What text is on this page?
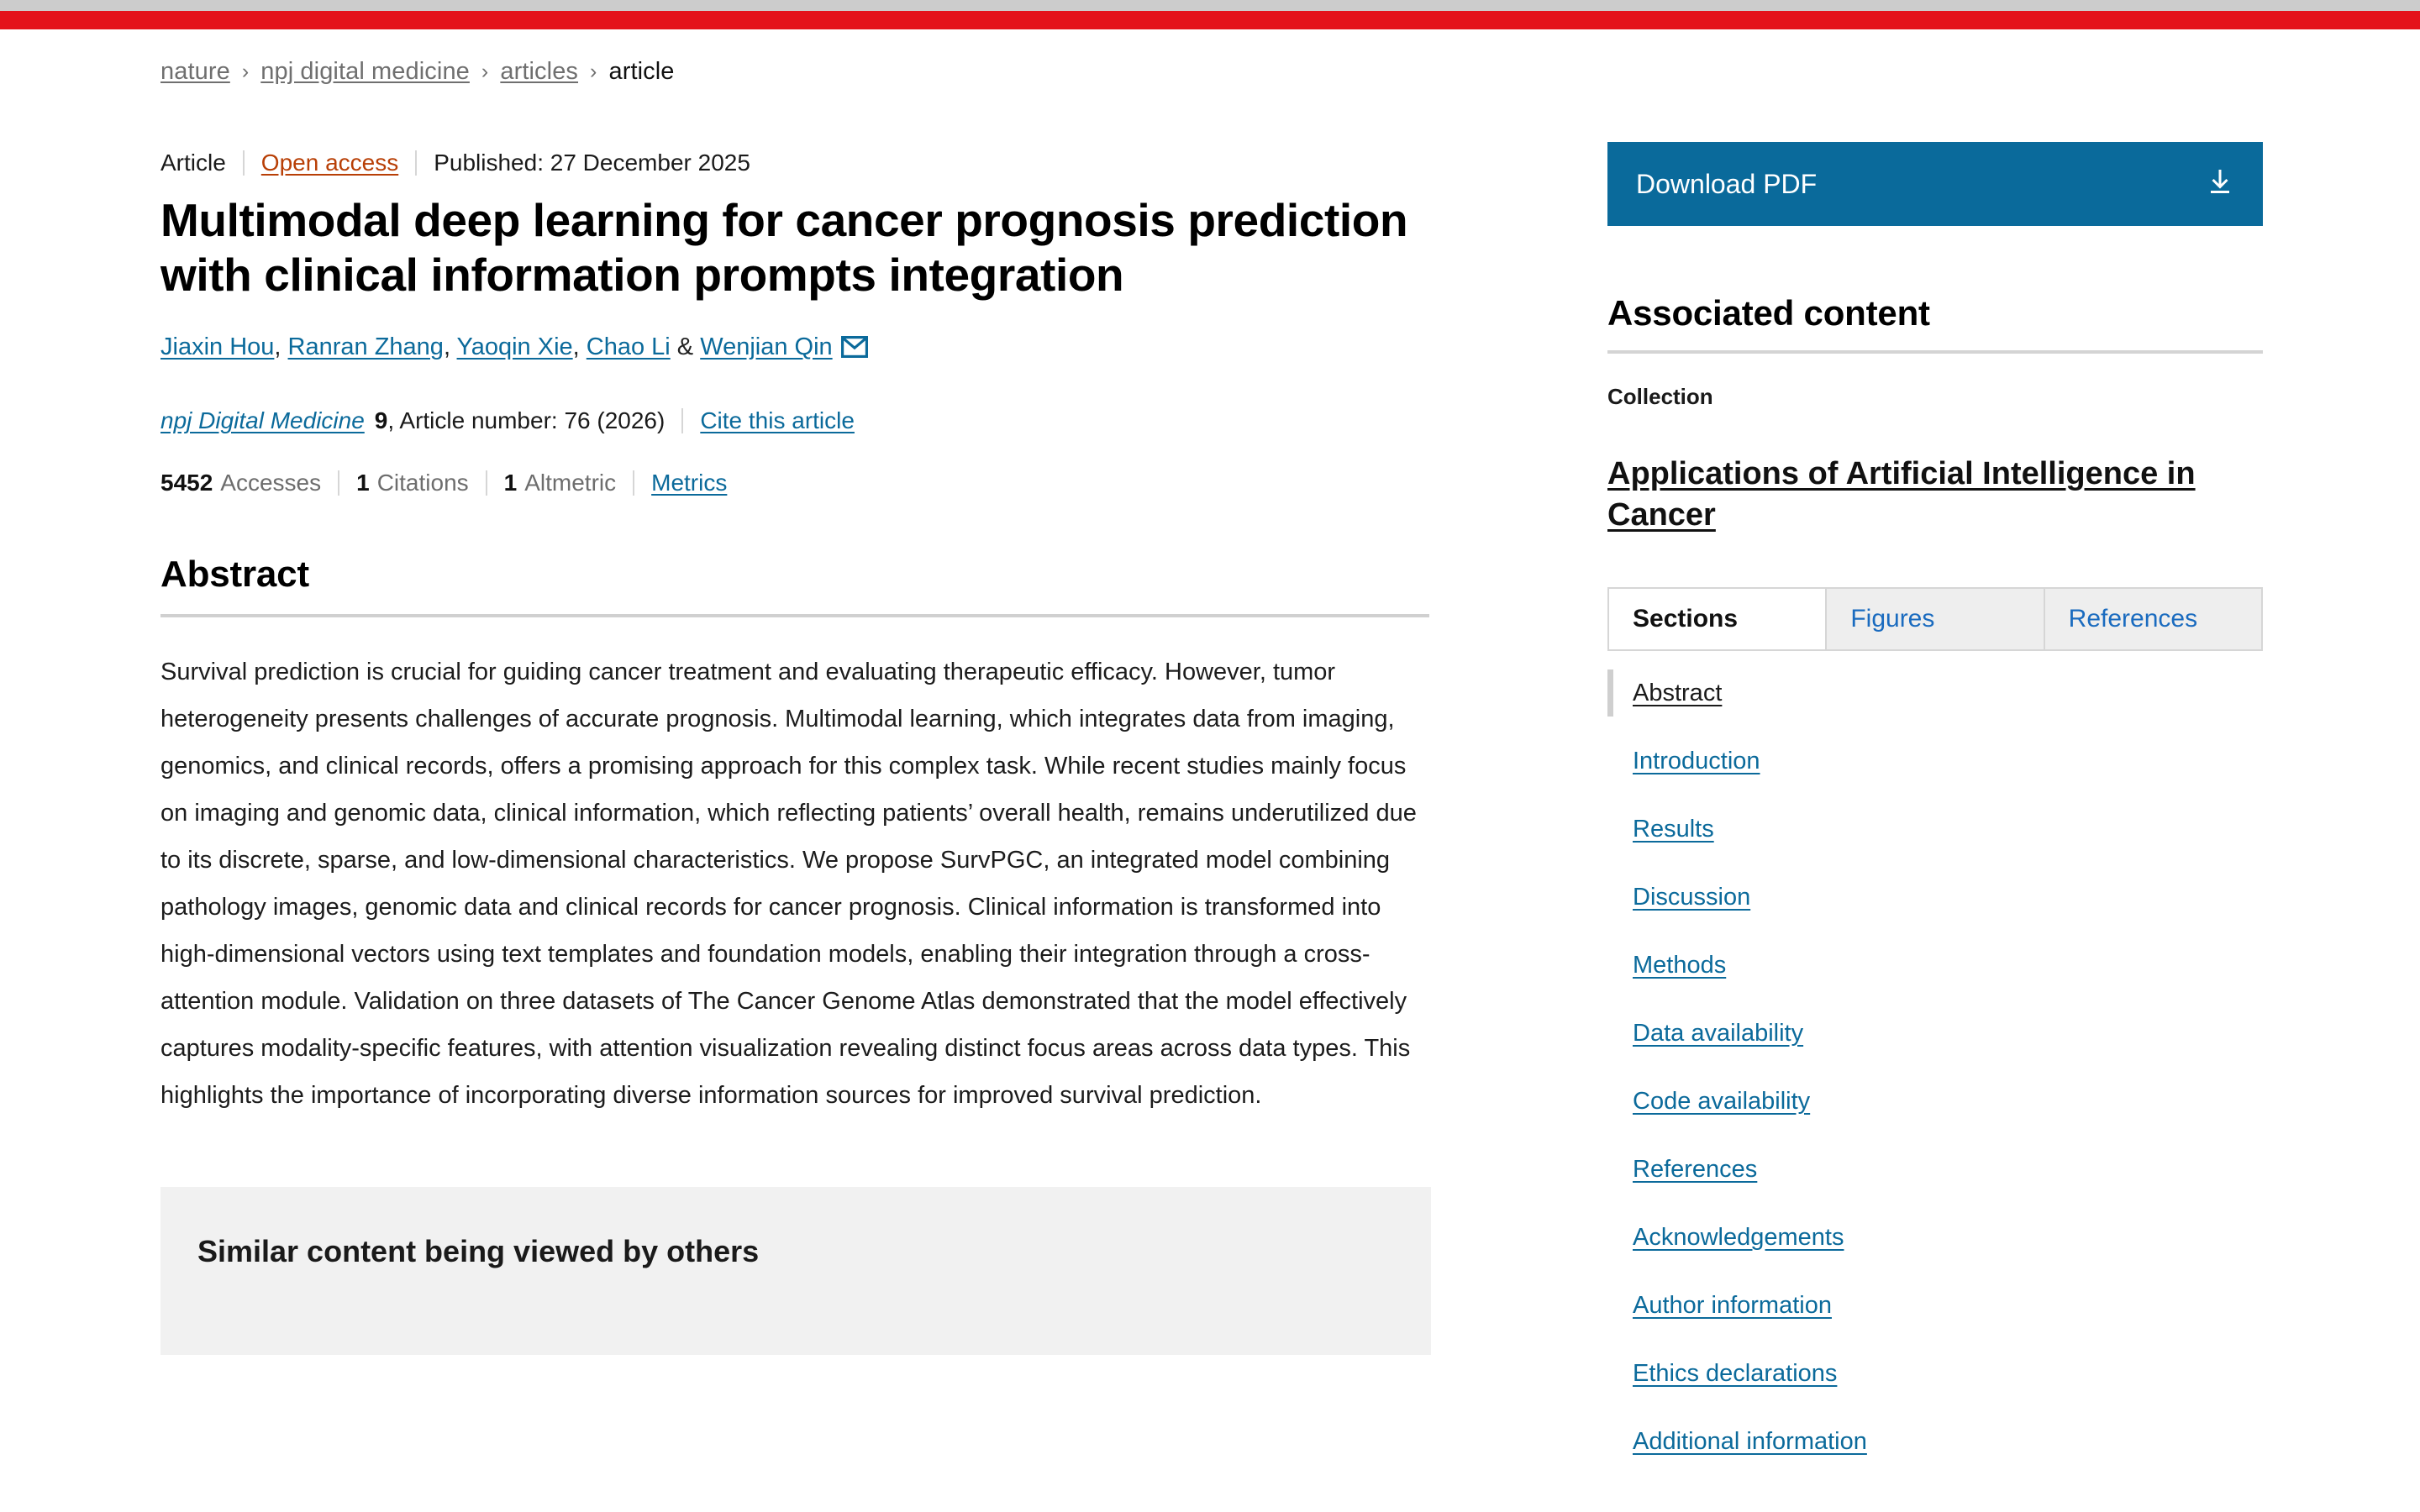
nature › npj digital medicine › articles › article
Article Open access Published: 27 December 2025
Multimodal deep learning for cancer prognosis prediction with clinical information prompts integration
Jiaxin Hou, Ranran Zhang, Yaoqin Xie, Chao Li & Wenjian Qin
npj Digital Medicine 9 , Article number: 76 (2026) Cite this article
5452 Accesses 1 Citations 1 Altmetric Metrics
Abstract

Survival prediction is crucial for guiding cancer treatment and evaluating therapeutic efficacy. However, tumor heterogeneity presents challenges of accurate prognosis. Multimodal learning, which integrates data from imaging, genomics, and clinical records, offers a promising approach for this complex task. While recent studies mainly focus on imaging and genomic data, clinical information, which reflecting patients’ overall health, remains underutilized due to its discrete, sparse, and low-dimensional characteristics. We propose SurvPGC, an integrated model combining pathology images, genomic data and clinical records for cancer prognosis. Clinical information is transformed into high-dimensional vectors using text templates and foundation models, enabling their integration through a cross-attention module. Validation on three datasets of The Cancer Genome Atlas demonstrated that the model effectively captures modality-specific features, with attention visualization revealing distinct focus areas across data types. This highlights the importance of incorporating diverse information sources for improved survival prediction.

Similar content being viewed by others
Download PDF
Associated content
Collection
Applications of Artificial Intelligence in Cancer
Sections	Figures	References
Abstract
Introduction
Results
Discussion
Methods
Data availability
Code availability
References
Acknowledgements
Author information
Ethics declarations
Additional information
